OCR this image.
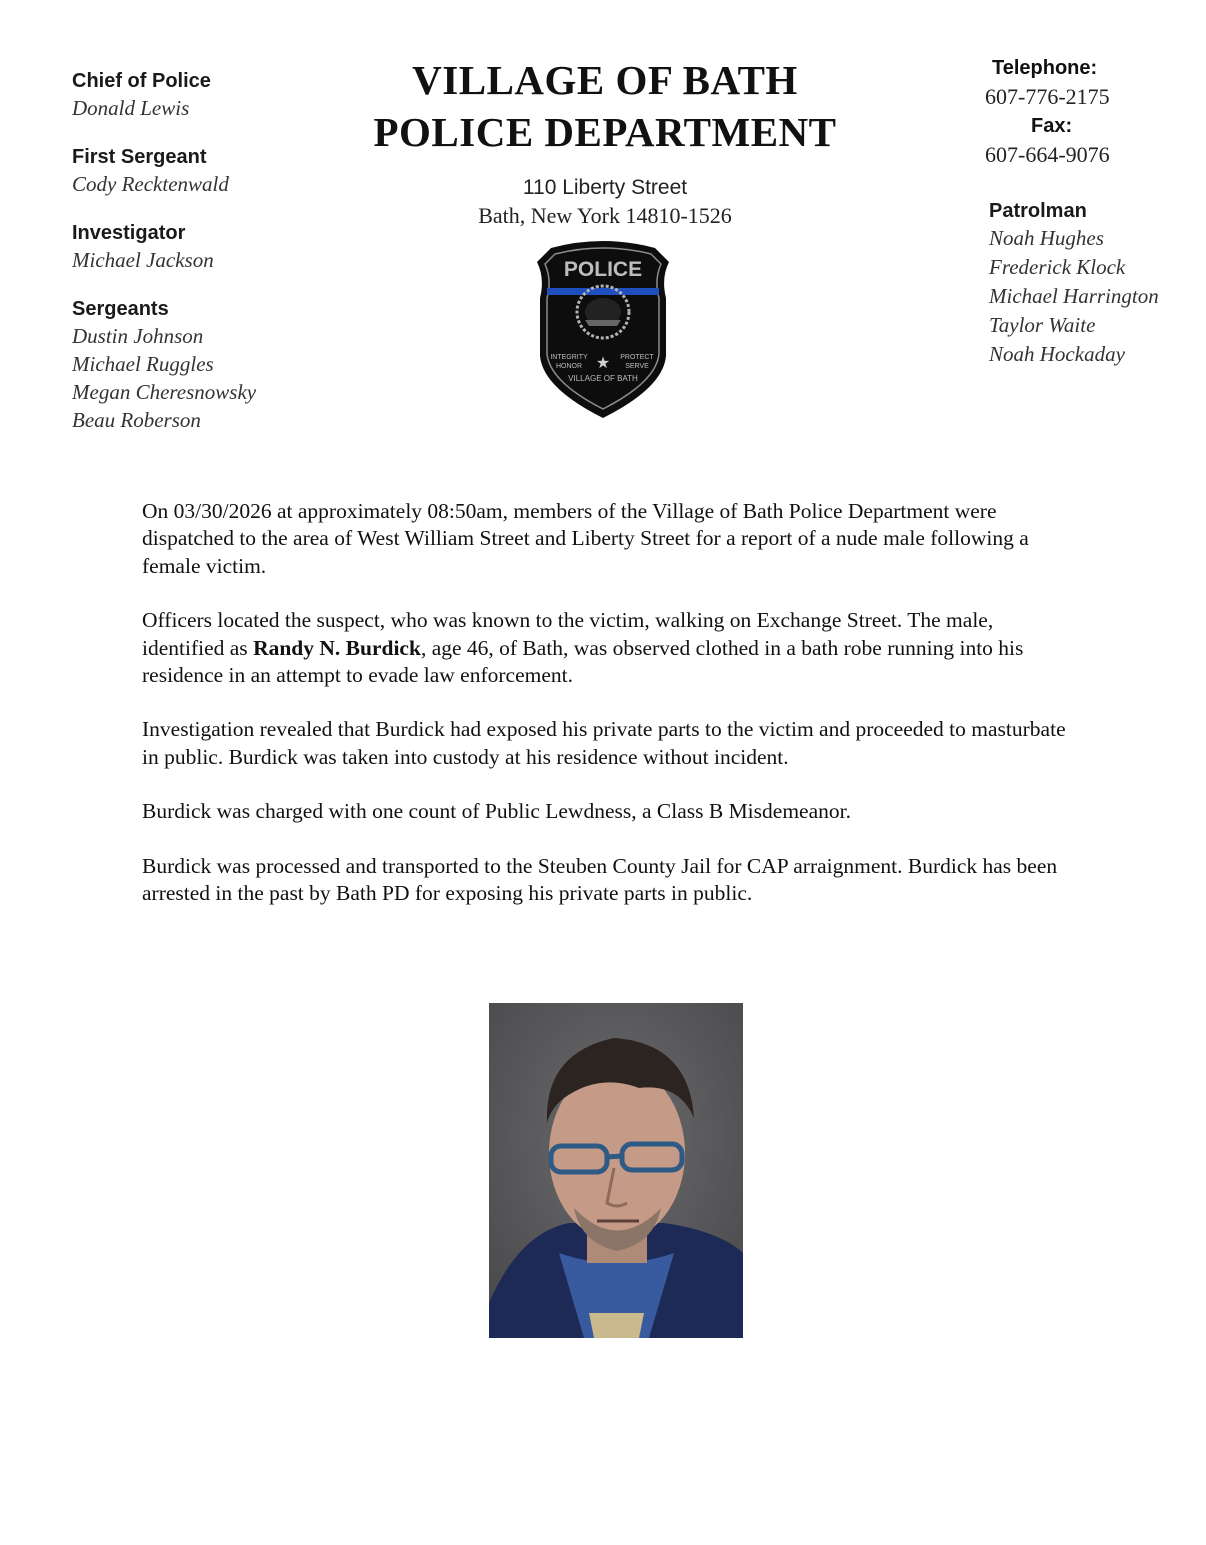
Chief of Police
Donald Lewis
First Sergeant
Cody Recktenwald
Investigator
Michael Jackson
Sergeants
Dustin Johnson
Michael Ruggles
Megan Cheresnowsky
Beau Roberson
VILLAGE OF BATH
POLICE DEPARTMENT
110 Liberty Street
Bath, New York 14810-1526
POLICE
INTEGRITY
HONOR ★ PROTECT
SERVE
VILLAGE OF BATH
Telephone:
607-776-2175
Fax:
607-664-9076
Patrolman
Noah Hughes
Frederick Klock
Michael Harrington
Taylor Waite
Noah Hockaday

On 03/30/2026 at approximately 08:50am, members of the Village of Bath Police Department were dispatched to the area of West William Street and Liberty Street for a report of a nude male following a female victim.

Officers located the suspect, who was known to the victim, walking on Exchange Street. The male, identified as Randy N. Burdick, age 46, of Bath, was observed clothed in a bath robe running into his residence in an attempt to evade law enforcement.

Investigation revealed that Burdick had exposed his private parts to the victim and proceeded to masturbate in public. Burdick was taken into custody at his residence without incident.

Burdick was charged with one count of Public Lewdness, a Class B Misdemeanor.

Burdick was processed and transported to the Steuben County Jail for CAP arraignment. Burdick has been arrested in the past by Bath PD for exposing his private parts in public.
